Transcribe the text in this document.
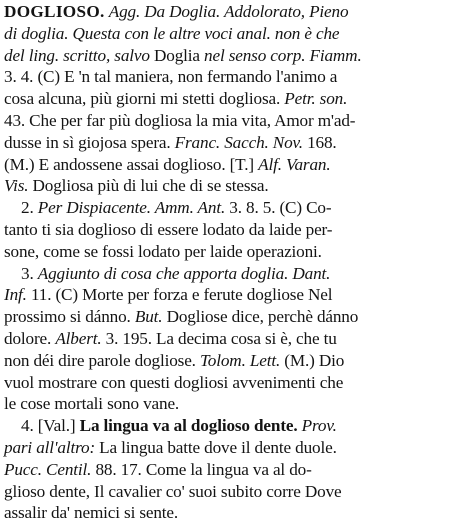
DOGLIOSO. Agg. Da Doglia. Addolorato, Pieno
di doglia. Questa con le altre voci anal. non è che
del ling. scritto, salvo Doglia nel senso corp. Fiamm.
3. 4. (C) E 'n tal maniera, non fermando l'animo a
cosa alcuna, più giorni mi stetti dogliosa. Petr. son.
43. Che per far più dogliosa la mia vita, Amor m'ad-
dusse in sì giojosa spera. Franc. Sacch. Nov. 168.
(M.) E andossene assai doglioso. [T.] Alf. Varan.
Vis. Dogliosa più di lui che di se stessa.
2. Per Dispiacente. Amm. Ant. 3. 8. 5. (C) Co-
tanto ti sia doglioso di essere lodato da laide per-
sone, come se fossi lodato per laide operazioni.
3. Aggiunto di cosa che apporta doglia. Dant.
Inf. 11. (C) Morte per forza e ferute dogliose Nel
prossimo si dánno. But. Dogliose dice, perchè dánno
dolore. Albert. 3. 195. La decima cosa si è, che tu
non déi dire parole dogliose. Tolom. Lett. (M.) Dio
vuol mostrare con questi dogliosi avvenimenti che
le cose mortali sono vane.
4. [Val.] La lingua va al doglioso dente. Prov.
pari all'altro: La lingua batte dove il dente duole.
Pucc. Centil. 88. 17. Come la lingua va al do-
glioso dente, Il cavalier co' suoi subito corre Dove
assalir da' nemici si sente.
